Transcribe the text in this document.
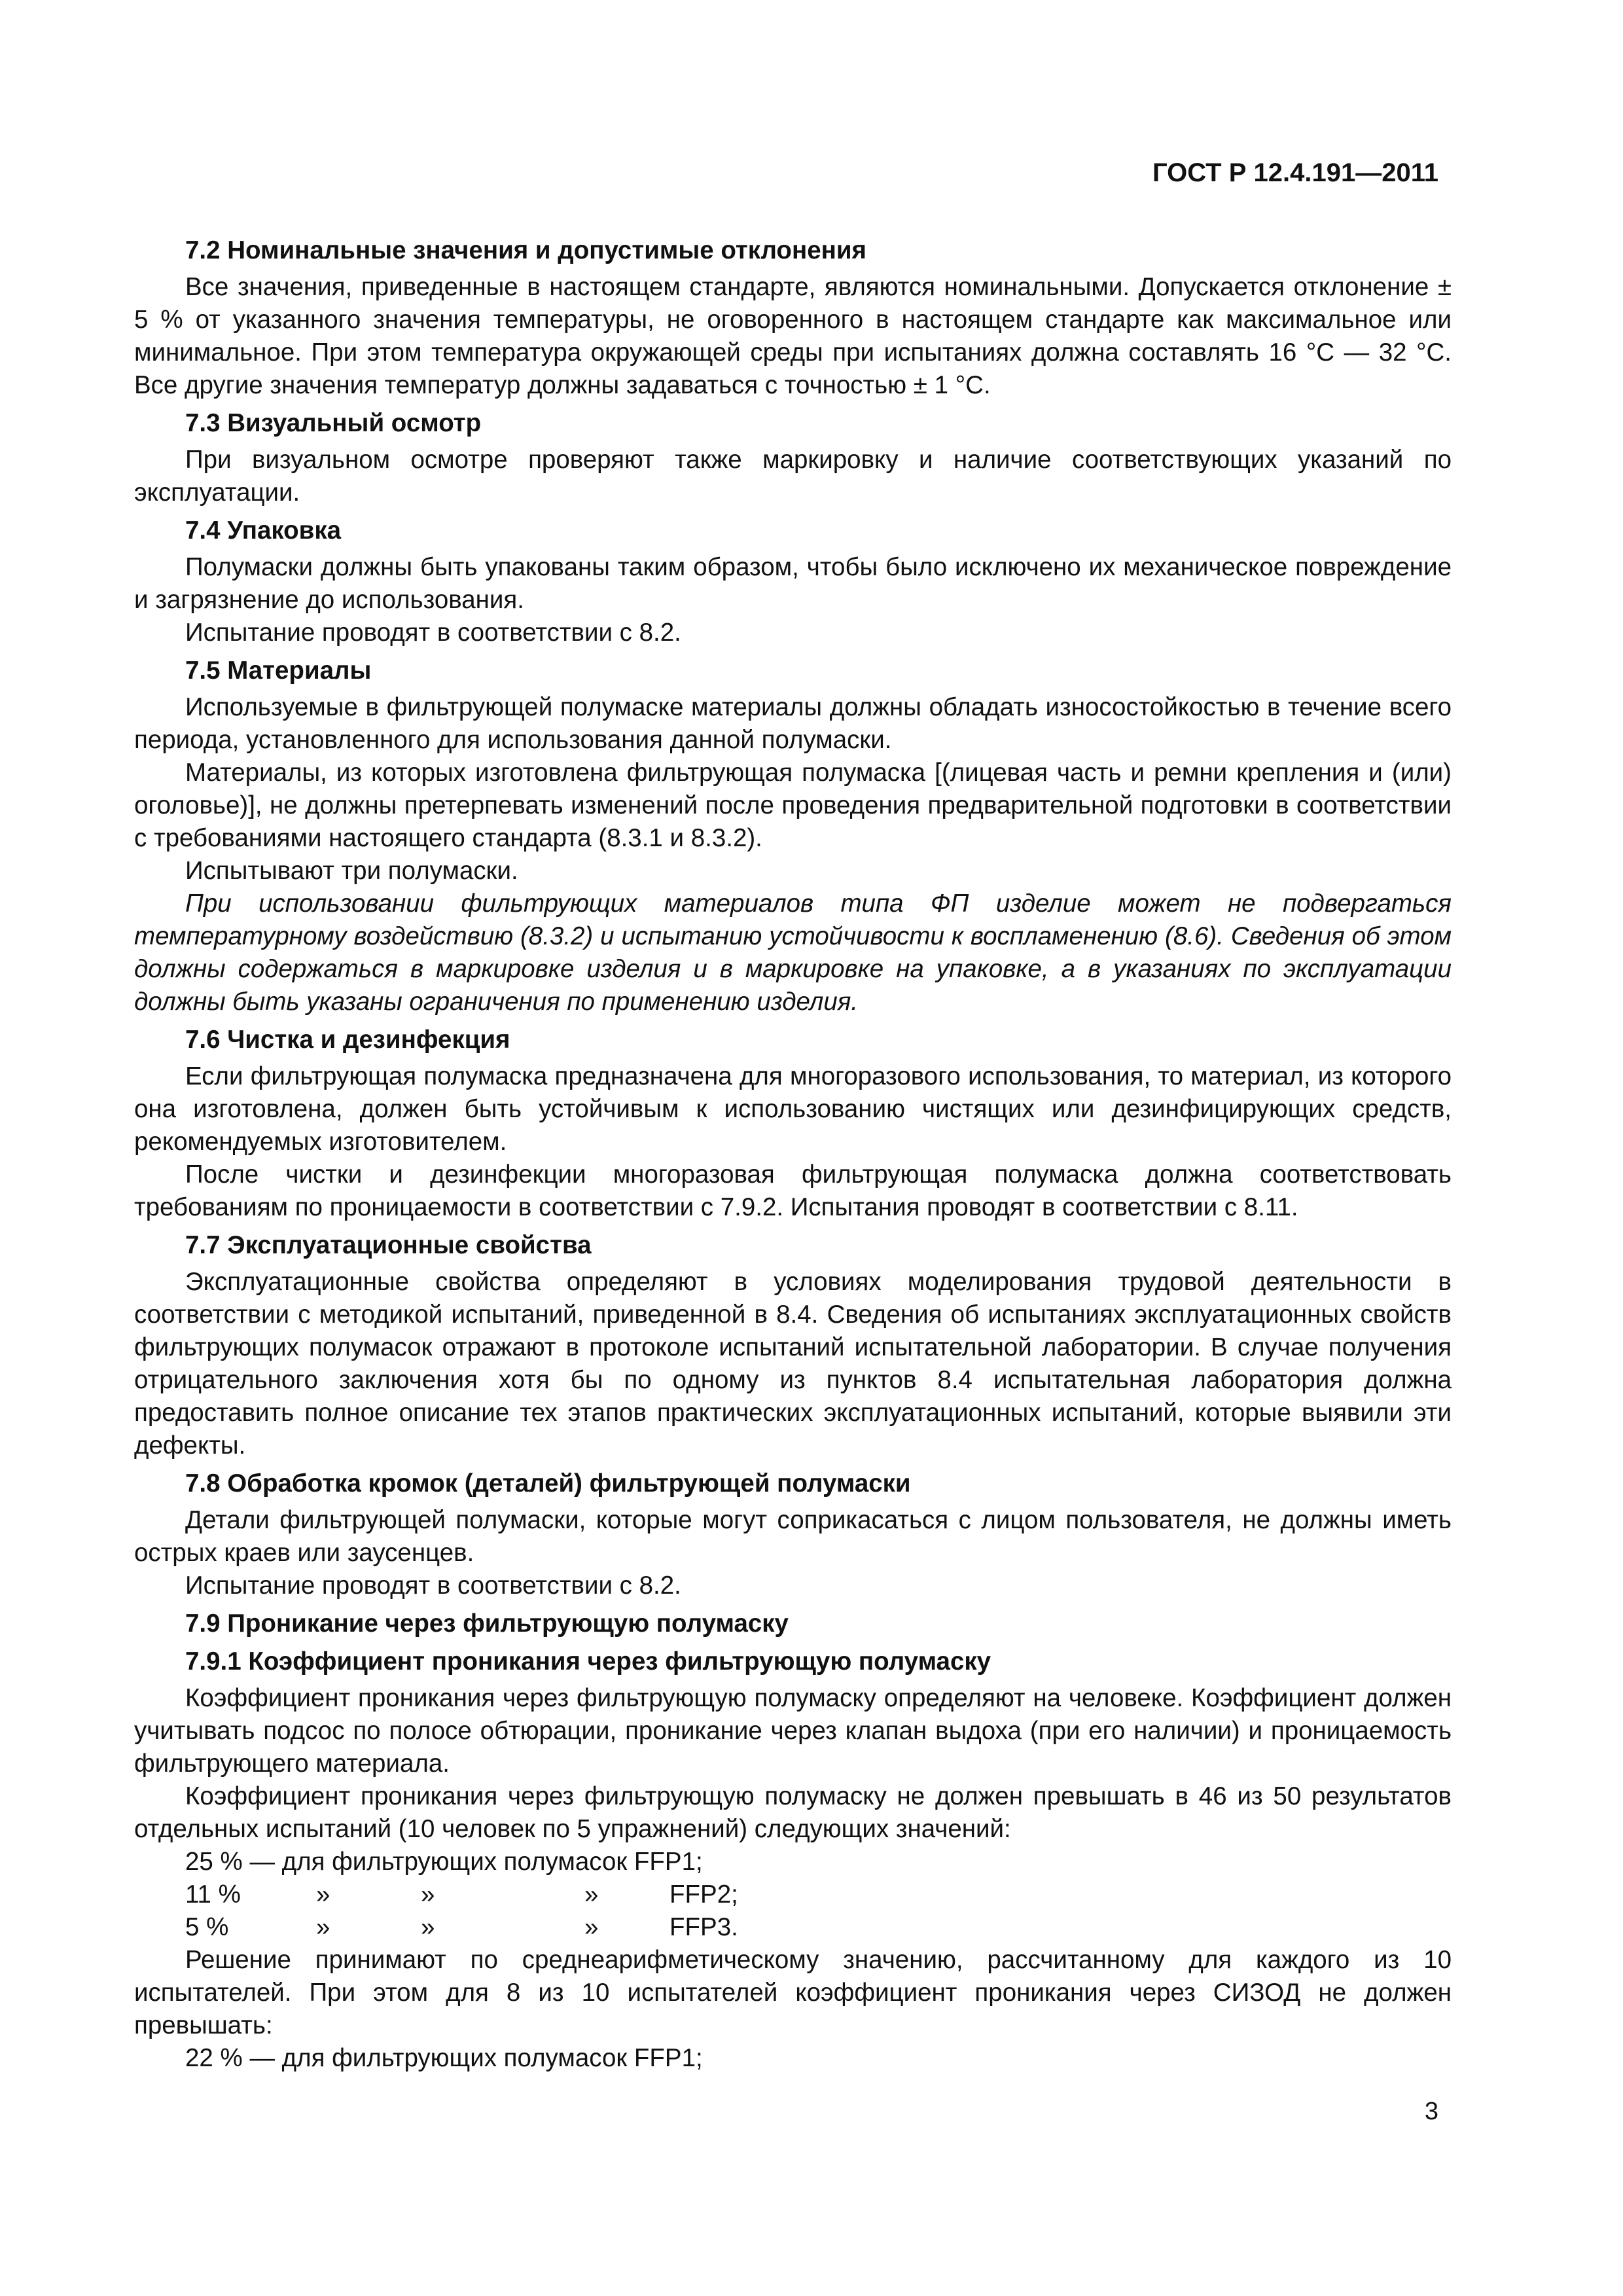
ГОСТ Р 12.4.191—2011

7.2 Номинальные значения и допустимые отклонения

Все значения, приведенные в настоящем стандарте, являются номинальными. Допускается отклонение ± 5 % от указанного значения температуры, не оговоренного в настоящем стандарте как максимальное или минимальное. При этом температура окружающей среды при испытаниях должна составлять 16 °C — 32 °C. Все другие значения температур должны задаваться с точностью ± 1 °C.

7.3 Визуальный осмотр

При визуальном осмотре проверяют также маркировку и наличие соответствующих указаний по эксплуатации.

7.4 Упаковка

Полумаски должны быть упакованы таким образом, чтобы было исключено их механическое повреждение и загрязнение до использования.

Испытание проводят в соответствии с 8.2.

7.5 Материалы

Используемые в фильтрующей полумаске материалы должны обладать износостойкостью в течение всего периода, установленного для использования данной полумаски.

Материалы, из которых изготовлена фильтрующая полумаска [(лицевая часть и ремни крепления и (или) оголовье)], не должны претерпевать изменений после проведения предварительной подготовки в соответствии с требованиями настоящего стандарта (8.3.1 и 8.3.2).

Испытывают три полумаски.

При использовании фильтрующих материалов типа ФП изделие может не подвергаться температурному воздействию (8.3.2) и испытанию устойчивости к воспламенению (8.6). Сведения об этом должны содержаться в маркировке изделия и в маркировке на упаковке, а в указаниях по эксплуатации должны быть указаны ограничения по применению изделия.

7.6 Чистка и дезинфекция

Если фильтрующая полумаска предназначена для многоразового использования, то материал, из которого она изготовлена, должен быть устойчивым к использованию чистящих или дезинфицирующих средств, рекомендуемых изготовителем.

После чистки и дезинфекции многоразовая фильтрующая полумаска должна соответствовать требованиям по проницаемости в соответствии с 7.9.2. Испытания проводят в соответствии с 8.11.

7.7 Эксплуатационные свойства

Эксплуатационные свойства определяют в условиях моделирования трудовой деятельности в соответствии с методикой испытаний, приведенной в 8.4. Сведения об испытаниях эксплуатационных свойств фильтрующих полумасок отражают в протоколе испытаний испытательной лаборатории. В случае получения отрицательного заключения хотя бы по одному из пунктов 8.4 испытательная лаборатория должна предоставить полное описание тех этапов практических эксплуатационных испытаний, которые выявили эти дефекты.

7.8 Обработка кромок (деталей) фильтрующей полумаски

Детали фильтрующей полумаски, которые могут соприкасаться с лицом пользователя, не должны иметь острых краев или заусенцев.

Испытание проводят в соответствии с 8.2.

7.9 Проникание через фильтрующую полумаску

7.9.1 Коэффициент проникания через фильтрующую полумаску

Коэффициент проникания через фильтрующую полумаску определяют на человеке. Коэффициент должен учитывать подсос по полосе обтюрации, проникание через клапан выдоха (при его наличии) и проницаемость фильтрующего материала.

Коэффициент проникания через фильтрующую полумаску не должен превышать в 46 из 50 результатов отдельных испытаний (10 человек по 5 упражнений) следующих значений:

25 % — для фильтрующих полумасок FFP1;
11 %	»	»	»	FFP2;
5 %	»	»	»	FFP3.

Решение принимают по среднеарифметическому значению, рассчитанному для каждого из 10 испытателей. При этом для 8 из 10 испытателей коэффициент проникания через СИЗОД не должен превышать:

22 % — для фильтрующих полумасок FFP1;

3
